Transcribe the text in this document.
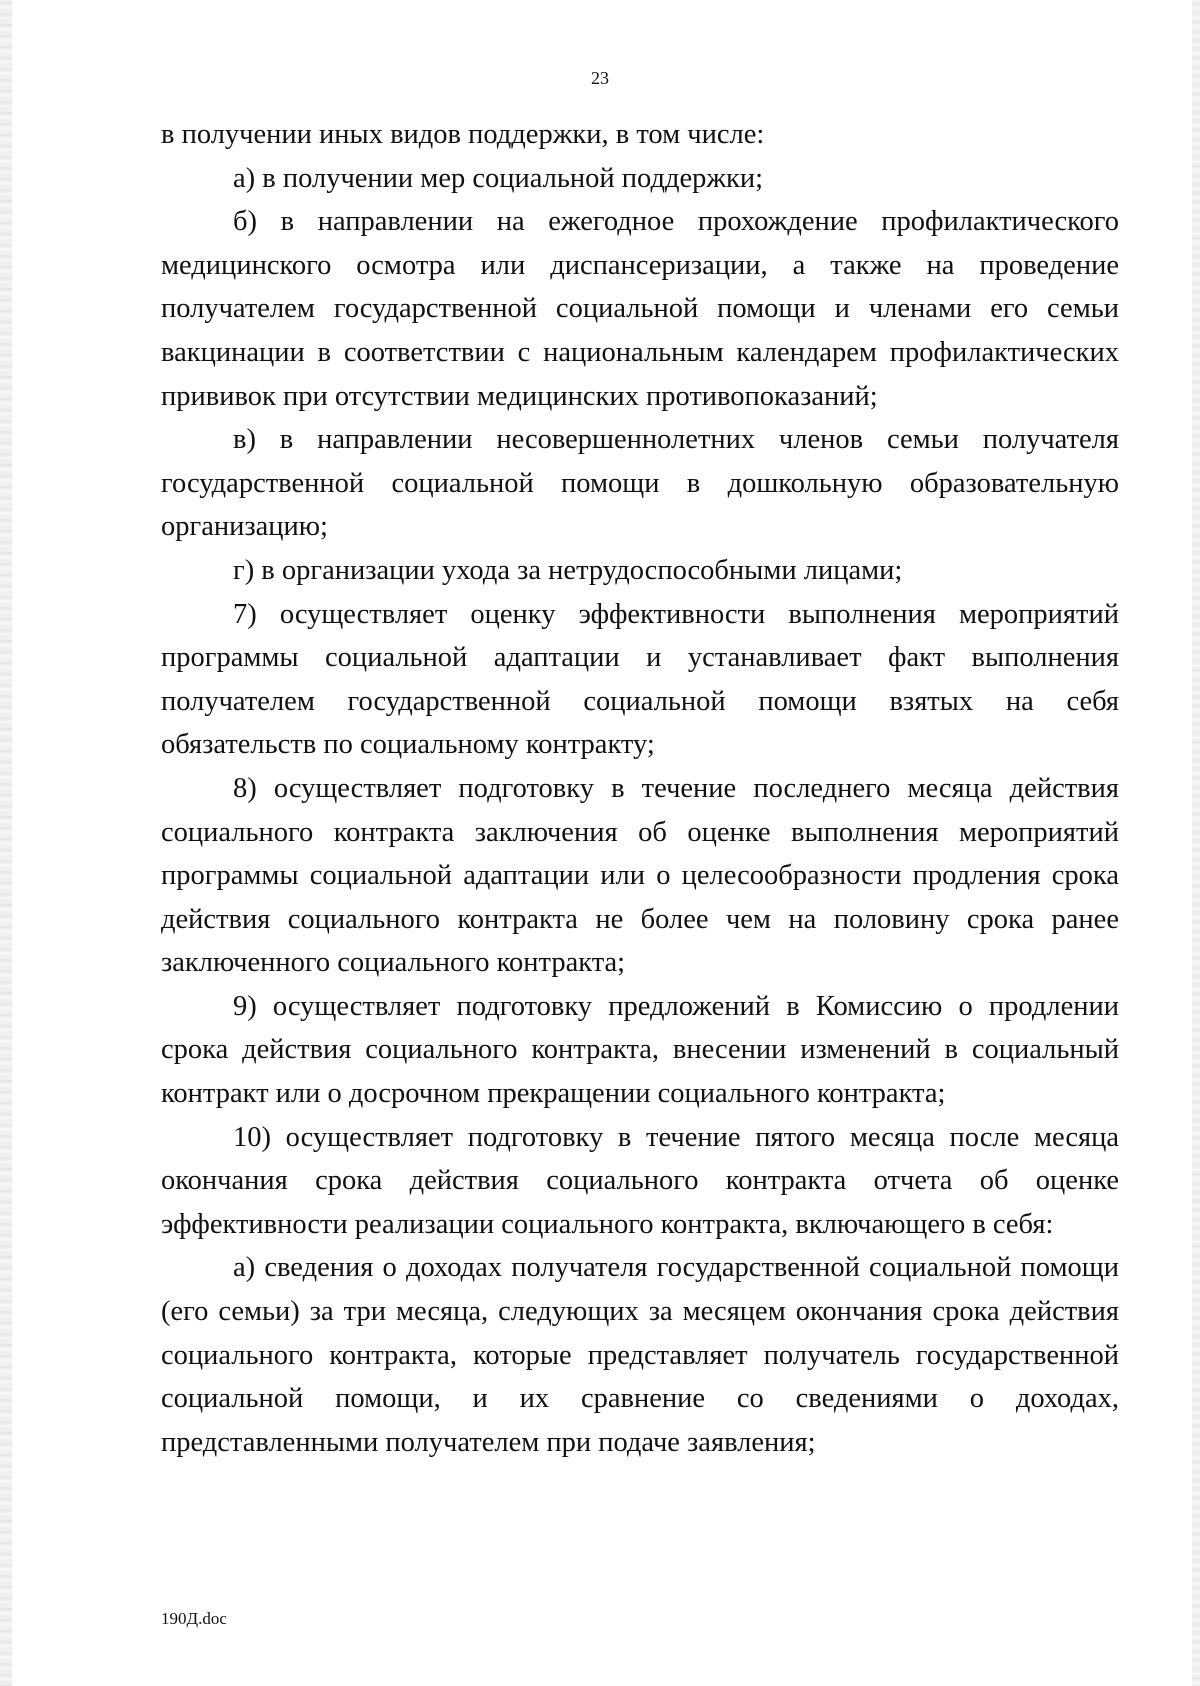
23

в получении иных видов поддержки, в том числе:

а) в получении мер социальной поддержки;

б) в направлении на ежегодное прохождение профилактического медицинского осмотра или диспансеризации, а также на проведение получателем государственной социальной помощи и членами его семьи вакцинации в соответствии с национальным календарем профилактических прививок при отсутствии медицинских противопоказаний;

в) в направлении несовершеннолетних членов семьи получателя государственной социальной помощи в дошкольную образовательную организацию;

г) в организации ухода за нетрудоспособными лицами;

7) осуществляет оценку эффективности выполнения мероприятий программы социальной адаптации и устанавливает факт выполнения получателем государственной социальной помощи взятых на себя обязательств по социальному контракту;

8) осуществляет подготовку в течение последнего месяца действия социального контракта заключения об оценке выполнения мероприятий программы социальной адаптации или о целесообразности продления срока действия социального контракта не более чем на половину срока ранее заключенного социального контракта;

9) осуществляет подготовку предложений в Комиссию о продлении срока действия социального контракта, внесении изменений в социальный контракт или о досрочном прекращении социального контракта;

10) осуществляет подготовку в течение пятого месяца после месяца окончания срока действия социального контракта отчета об оценке эффективности реализации социального контракта, включающего в себя:

а) сведения о доходах получателя государственной социальной помощи (его семьи) за три месяца, следующих за месяцем окончания срока действия социального контракта, которые представляет получатель государственной социальной помощи, и их сравнение со сведениями о доходах, представленными получателем при подаче заявления;

190Д.doc
